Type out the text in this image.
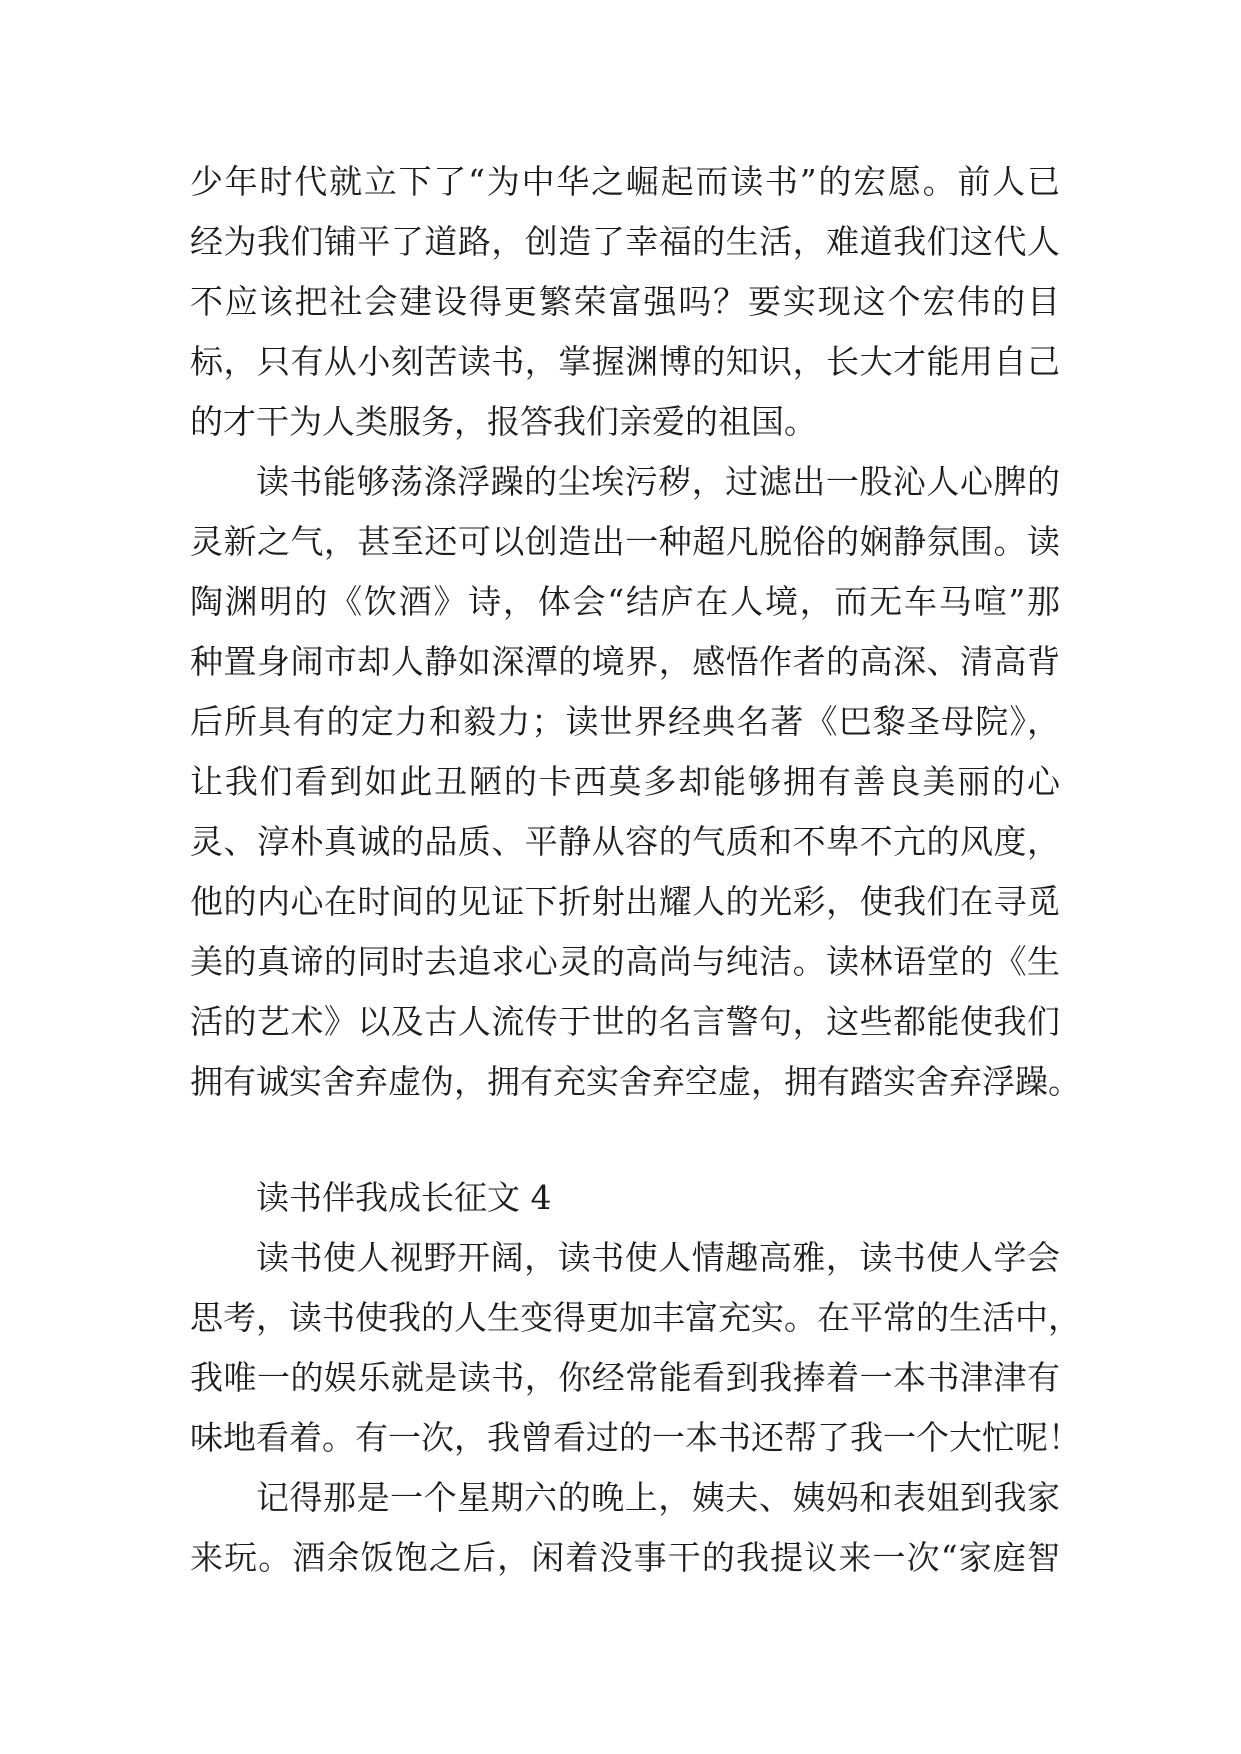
少年时代就立下了“为中华之崛起而读书”的宏愿。前人已
经为我们铺平了道路，创造了幸福的生活，难道我们这代人
不应该把社会建设得更繁荣富强吗？要实现这个宏伟的目
标，只有从小刻苦读书，掌握渊博的知识，长大才能用自己
的才干为人类服务，报答我们亲爱的祖国。
读书能够荡涤浮躁的尘埃污秽，过滤出一股沁人心脾的
灵新之气，甚至还可以创造出一种超凡脱俗的娴静氛围。读
陶渊明的《饮酒》诗，体会“结庐在人境，而无车马喧”那
种置身闹市却人静如深潭的境界，感悟作者的高深、清高背
后所具有的定力和毅力；读世界经典名著《巴黎圣母院》，
让我们看到如此丑陋的卡西莫多却能够拥有善良美丽的心
灵、淳朴真诚的品质、平静从容的气质和不卑不亢的风度，
他的内心在时间的见证下折射出耀人的光彩，使我们在寻觅
美的真谛的同时去追求心灵的高尚与纯洁。读林语堂的《生
活的艺术》以及古人流传于世的名言警句，这些都能使我们
拥有诚实舍弃虚伪，拥有充实舍弃空虚，拥有踏实舍弃浮躁。
读书伴我成长征文 4
读书使人视野开阔，读书使人情趣高雅，读书使人学会
思考，读书使我的人生变得更加丰富充实。在平常的生活中，
我唯一的娱乐就是读书，你经常能看到我捧着一本书津津有
味地看着。有一次，我曾看过的一本书还帮了我一个大忙呢！
记得那是一个星期六的晚上，姨夫、姨妈和表姐到我家
来玩。酒余饭饱之后，闲着没事干的我提议来一次“家庭智
